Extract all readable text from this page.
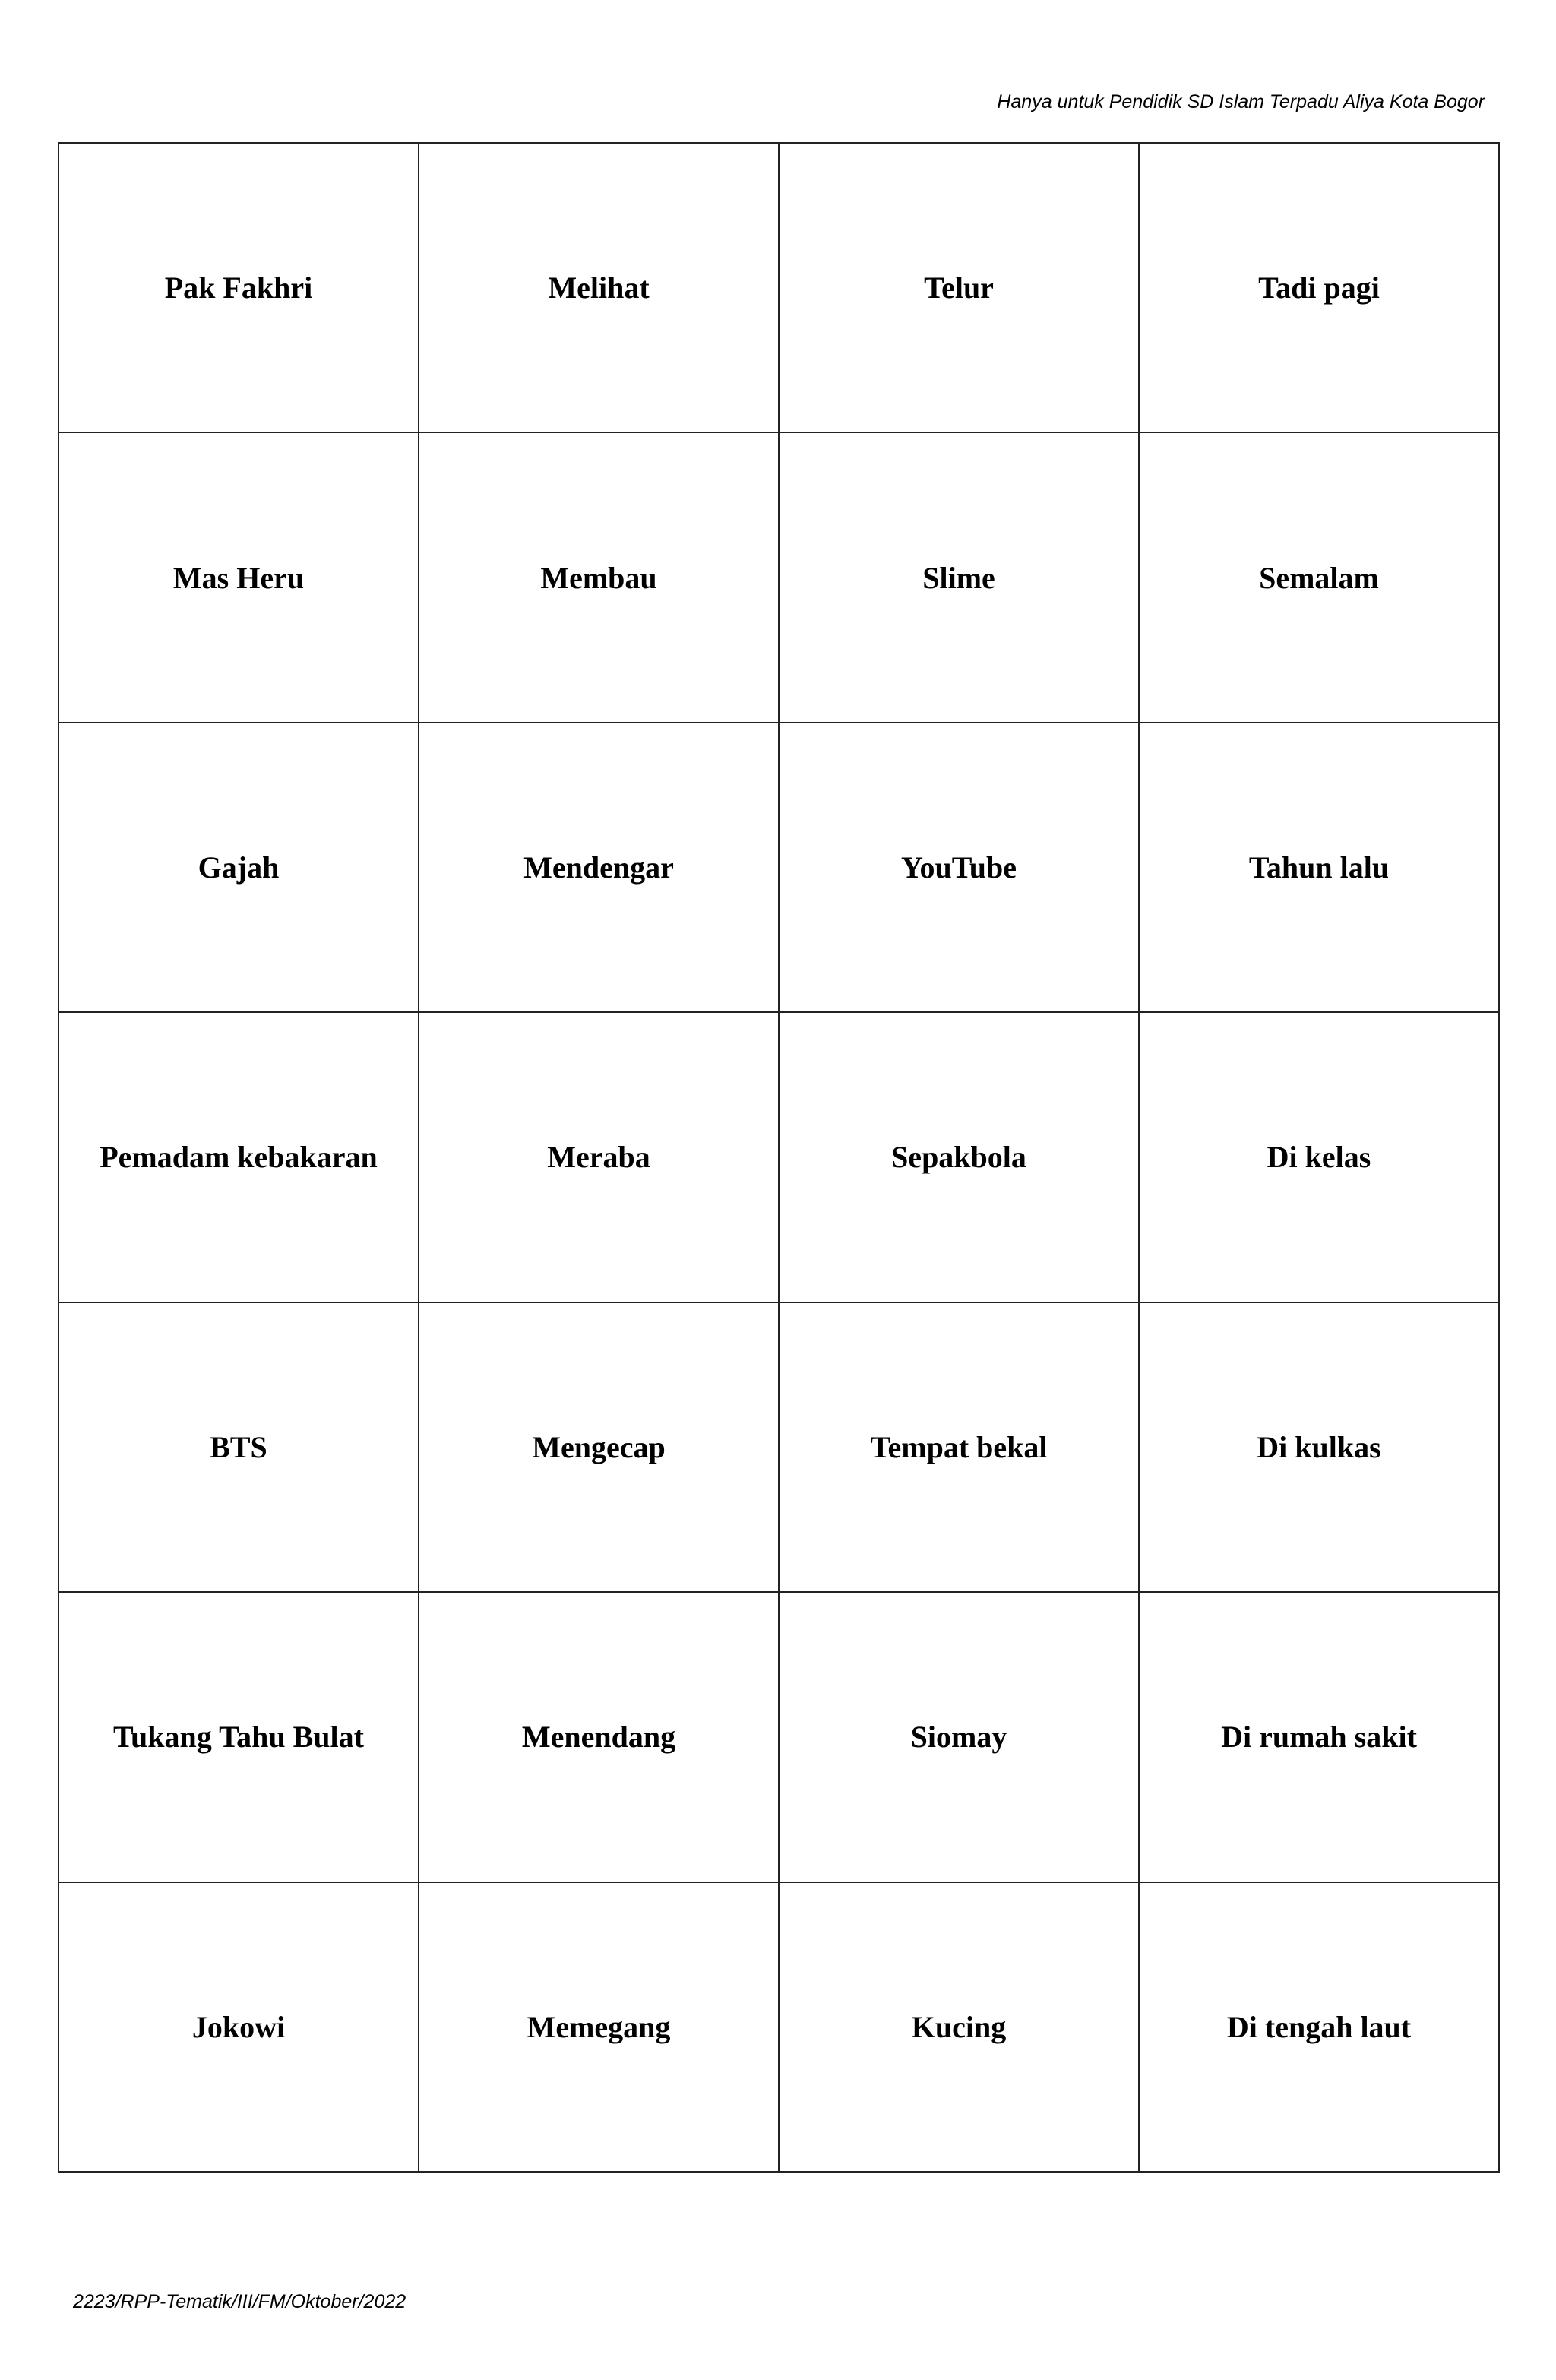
Hanya untuk Pendidik SD Islam Terpadu Aliya Kota Bogor
Pak Fakhri	Melihat	Telur	Tadi pagi
Mas Heru	Membau	Slime	Semalam
Gajah	Mendengar	YouTube	Tahun lalu
Pemadam kebakaran	Meraba	Sepakbola	Di kelas
BTS	Mengecap	Tempat bekal	Di kulkas
Tukang Tahu Bulat	Menendang	Siomay	Di rumah sakit
Jokowi	Memegang	Kucing	Di tengah laut
2223/RPP-Tematik/III/FM/Oktober/2022
